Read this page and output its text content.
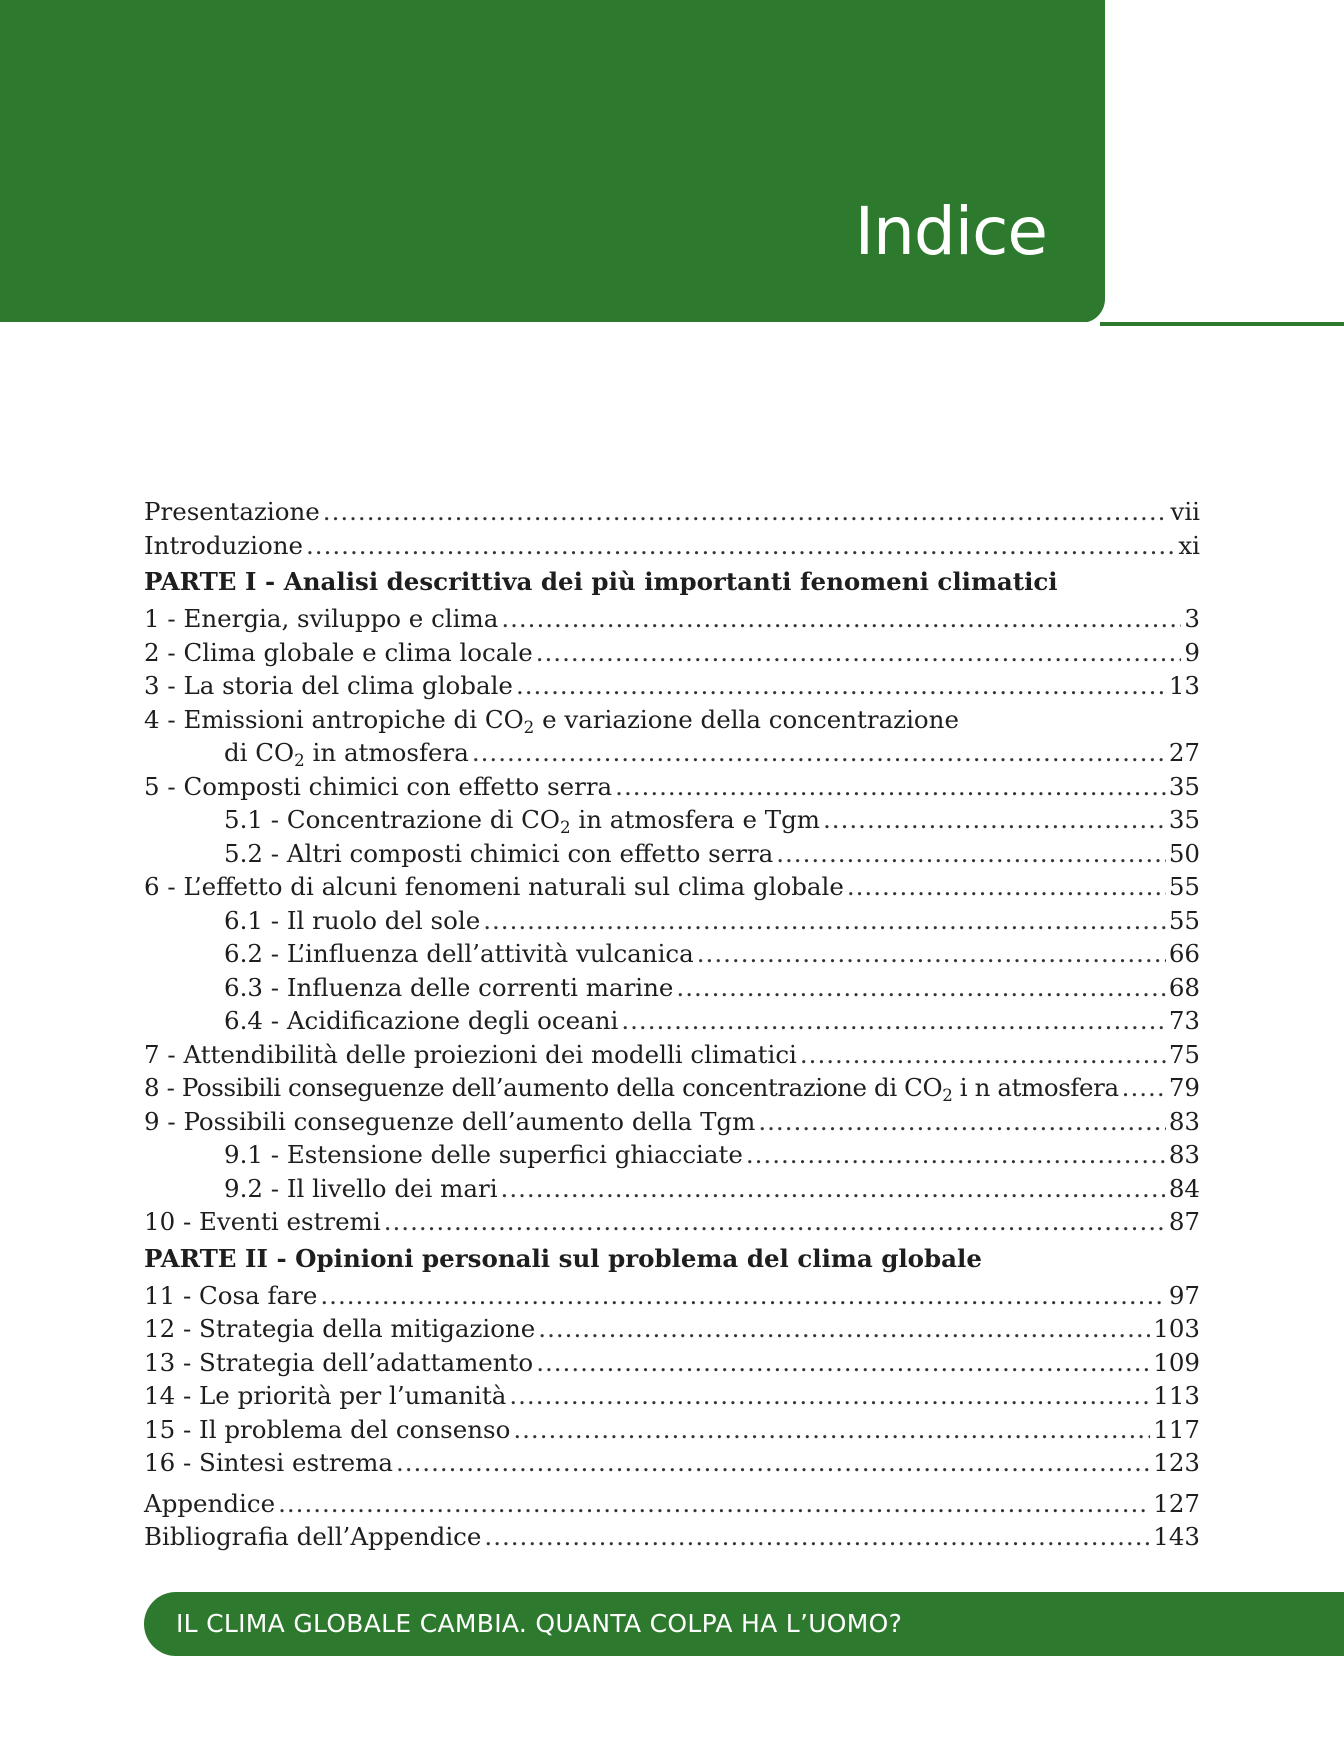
Indice
Presentazione .....	vii
Introduzione .....	xi
PARTE I - Analisi descrittiva dei più importanti fenomeni climatici
1 - Energia, sviluppo e clima .....	3
2 - Clima globale e clima locale .....	9
3 - La storia del clima globale .....	13
4 - Emissioni antropiche di $CO_2$ e variazione della concentrazione
di $CO_2$ in atmosfera .....	27
5 - Composti chimici con effetto serra .....	35
5.1 - Concentrazione di $CO_2$ in atmosfera e Tgm .....	35
5.2 - Altri composti chimici con effetto serra .....	50
6 - L’effetto di alcuni fenomeni naturali sul clima globale .....	55
6.1 - Il ruolo del sole .....	55
6.2 - L’influenza dell’attività vulcanica .....	66
6.3 - Influenza delle correnti marine .....	68
6.4 - Acidificazione degli oceani .....	73
7 - Attendibilità delle proiezioni dei modelli climatici .....	75
8 - Possibili conseguenze dell’aumento della concentrazione di $CO_2$ i n atmosfera ..... 79
9 - Possibili conseguenze dell’aumento della Tgm .....	83
9.1 - Estensione delle superfici ghiacciate .....	83
9.2 - Il livello dei mari .....	84
10 - Eventi estremi .....	87
PARTE II - Opinioni personali sul problema del clima globale
11 - Cosa fare .....	97
12 - Strategia della mitigazione .....	103
13 - Strategia dell’adattamento .....	109
14 - Le priorità per l’umanità .....	113
15 - Il problema del consenso .....	117
16 - Sintesi estrema .....	123
Appendice .....	127
Bibliografia dell’Appendice .....	143
IL CLIMA GLOBALE CAMBIA. QUANTA COLPA HA L’UOMO?
